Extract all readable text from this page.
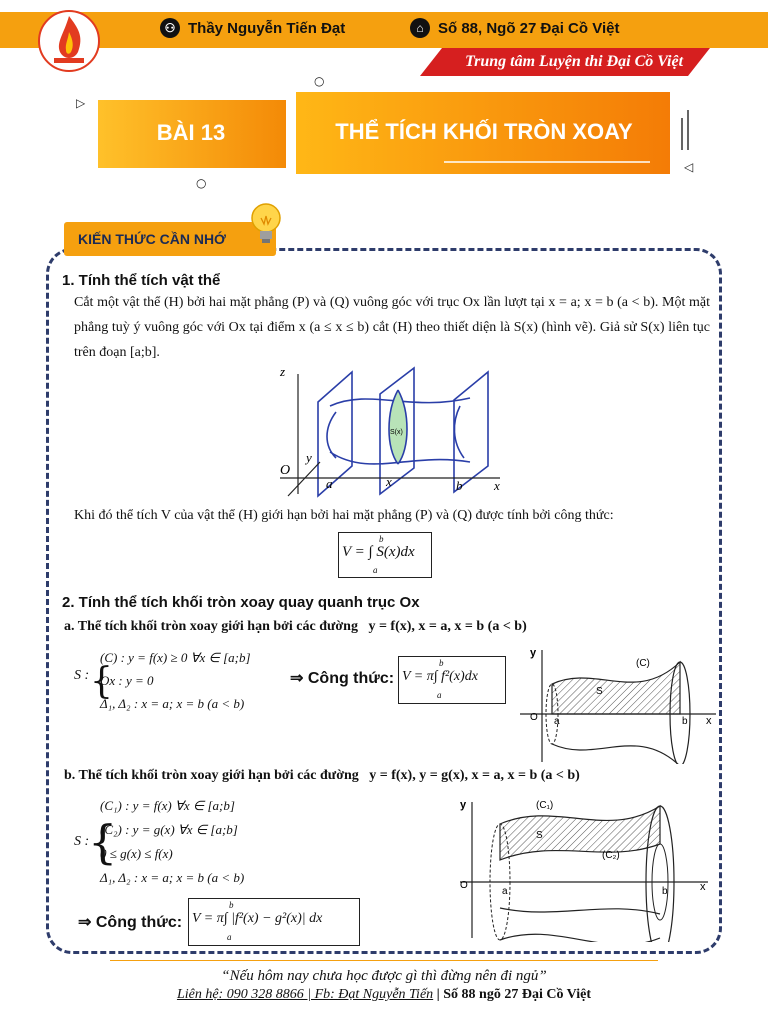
Trung tâm Luyện thi Đại Cồ Việt
⚇ Thầy Nguyễn Tiến Đạt	⌂ Số 88, Ngõ 27 Đại Cồ Việt
BÀI 13	THỂ TÍCH KHỐI TRÒN XOAY
▷
○
○
◁
KIẾN THỨC CẦN NHỚ
1. Tính thể tích vật thể
Cắt một vật thể (H) bởi hai mặt phẳng (P) và (Q) vuông góc với trục Ox lần lượt tại x = a; x = b (a < b). Một mặt phẳng tuỳ ý vuông góc với Ox tại điểm x (a ≤ x ≤ b) cắt (H) theo thiết diện là S(x) (hình vẽ). Giả sử S(x) liên tục trên đoạn [a;b].
z
y
O
a	x	b x
S(x)
Khi đó thể tích V của vật thể (H) giới hạn bởi hai mặt phẳng (P) và (Q) được tính bởi công thức:
b
V = ∫ S(x)dx
a
2. Tính thể tích khối tròn xoay quay quanh trục Ox
a. Thể tích khối tròn xoay giới hạn bởi các đường y = f(x), x = a, x = b (a < b)
S : {
(C) : y = f(x) ≥ 0 ∀x ∈ [a;b]
Ox : y = 0
Δ₁, Δ₂ : x = a; x = b (a < b)
⇒ Công thức:
b
V = π∫ f²(x)dx
a
y
(C)
S
O a	b x
b. Thể tích khối tròn xoay giới hạn bởi các đường y = f(x), y = g(x), x = a, x = b (a < b)
S :
{
(C₁) : y = f(x) ∀x ∈ [a;b]
(C₂) : y = g(x) ∀x ∈ [a;b]
0 ≤ g(x) ≤ f(x)
Δ₁, Δ₂ : x = a; x = b (a < b)
⇒ Công thức:
b
V = π∫ |f²(x) − g²(x)| dx
a
y	(C₁)
(C₂)
S
O
a	b	x
“Nếu hôm nay chưa học được gì thì đừng nên đi ngủ”
Liên hệ: 090 328 8866 | Fb: Đạt Nguyễn Tiến | Số 88 ngõ 27 Đại Cồ Việt
